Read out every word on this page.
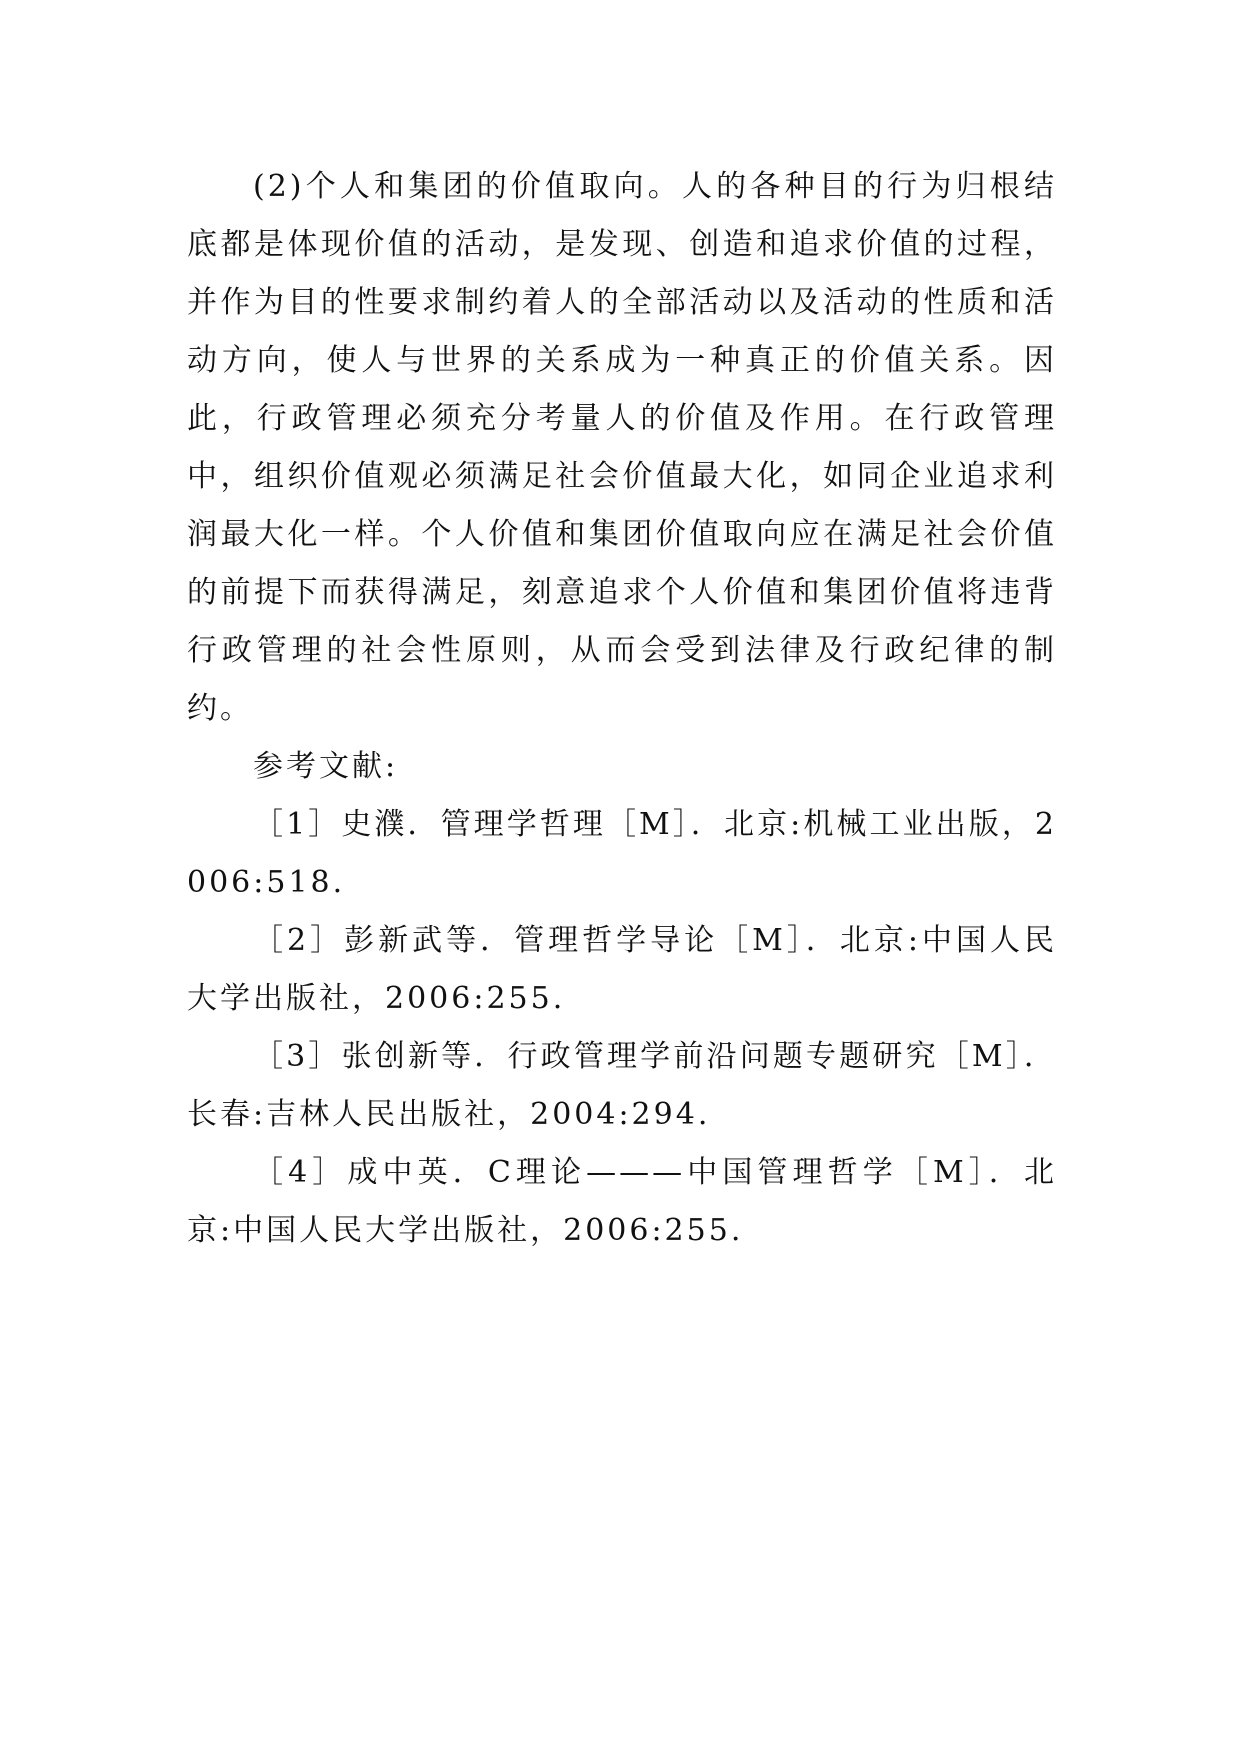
(2)个人和集团的价值取向。人的各种目的行为归根结底都是体现价值的活动，是发现、创造和追求价值的过程，并作为目的性要求制约着人的全部活动以及活动的性质和活动方向，使人与世界的关系成为一种真正的价值关系。因此，行政管理必须充分考量人的价值及作用。在行政管理中，组织价值观必须满足社会价值最大化，如同企业追求利润最大化一样。个人价值和集团价值取向应在满足社会价值的前提下而获得满足，刻意追求个人价值和集团价值将违背行政管理的社会性原则，从而会受到法律及行政纪律的制约。

参考文献:

［1］史濮．管理学哲理［M］．北京:机械工业出版，2006:518.

［2］彭新武等．管理哲学导论［M］．北京:中国人民大学出版社，2006:255.

［3］张创新等．行政管理学前沿问题专题研究［M］．长春:吉林人民出版社，2004:294.

［4］成中英．C理论———中国管理哲学［M］．北京:中国人民大学出版社，2006:255.
